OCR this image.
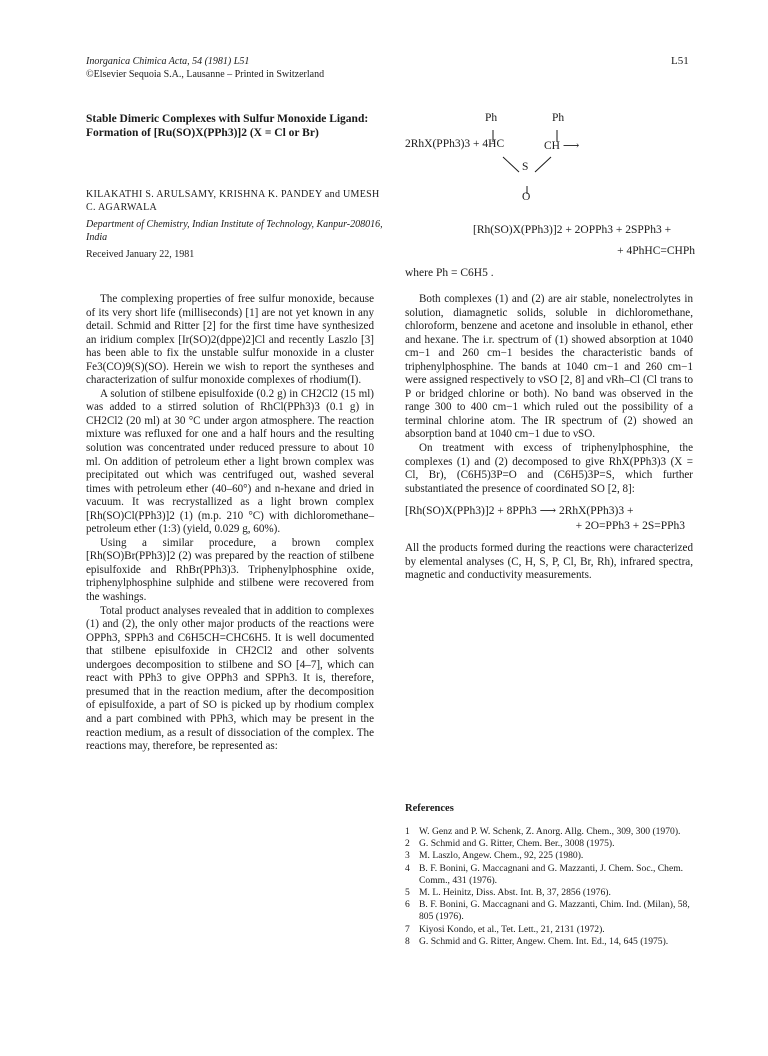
Inorganica Chimica Acta, 54 (1981) L51
©Elsevier Sequoia S.A., Lausanne – Printed in Switzerland
L51
Stable Dimeric Complexes with Sulfur Monoxide Ligand: Formation of [Ru(SO)X(PPh3)]2 (X = Cl or Br)
KILAKATHI S. ARULSAMY, KRISHNA K. PANDEY and UMESH C. AGARWALA
Department of Chemistry, Indian Institute of Technology, Kanpur-208016, India
Received January 22, 1981
Ph	Ph
2RhX(PPh3)3 + 4HC	CH ⟶
S
O
[Rh(SO)X(PPh3)]2 + 2OPPh3 + 2SPPh3 +
+ 4PhHC=CHPh
where Ph = C6H5 .

The complexing properties of free sulfur monoxide, because of its very short life (milliseconds) [1] are not yet known in any detail. Schmid and Ritter [2] for the first time have synthesized an iridium complex [Ir(SO)2(dppe)2]Cl and recently Laszlo [3] has been able to fix the unstable sulfur monoxide in a cluster Fe3(CO)9(S)(SO). Herein we wish to report the syntheses and characterization of sulfur monoxide complexes of rhodium(I).

A solution of stilbene episulfoxide (0.2 g) in CH2Cl2 (15 ml) was added to a stirred solution of RhCl(PPh3)3 (0.1 g) in CH2Cl2 (20 ml) at 30 °C under argon atmosphere. The reaction mixture was refluxed for one and a half hours and the resulting solution was concentrated under reduced pressure to about 10 ml. On addition of petroleum ether a light brown complex was precipitated out which was centrifuged out, washed several times with petroleum ether (40–60°) and n-hexane and dried in vacuum. It was recrystallized as a light brown complex [Rh(SO)Cl(PPh3)]2 (1) (m.p. 210 °C) with dichloromethane–petroleum ether (1:3) (yield, 0.029 g, 60%).

Using a similar procedure, a brown complex [Rh(SO)Br(PPh3)]2 (2) was prepared by the reaction of stilbene episulfoxide and RhBr(PPh3)3. Triphenylphosphine oxide, triphenylphosphine sulphide and stilbene were recovered from the washings.

Total product analyses revealed that in addition to complexes (1) and (2), the only other major products of the reactions were OPPh3, SPPh3 and C6H5CH=CHC6H5. It is well documented that stilbene episulfoxide in CH2Cl2 and other solvents undergoes decomposition to stilbene and SO [4–7], which can react with PPh3 to give OPPh3 and SPPh3. It is, therefore, presumed that in the reaction medium, after the decomposition of episulfoxide, a part of SO is picked up by rhodium complex and a part combined with PPh3, which may be present in the reaction medium, as a result of dissociation of the complex. The reactions may, therefore, be represented as:

Both complexes (1) and (2) are air stable, nonelectrolytes in solution, diamagnetic solids, soluble in dichloromethane, chloroform, benzene and acetone and insoluble in ethanol, ether and hexane. The i.r. spectrum of (1) showed absorption at 1040 cm−1 and 260 cm−1 besides the characteristic bands of triphenylphosphine. The bands at 1040 cm−1 and 260 cm−1 were assigned respectively to νSO [2, 8] and νRh–Cl (Cl trans to P or bridged chlorine or both). No band was observed in the range 300 to 400 cm−1 which ruled out the possibility of a terminal chlorine atom. The IR spectrum of (2) showed an absorption band at 1040 cm−1 due to νSO.

On treatment with excess of triphenylphosphine, the complexes (1) and (2) decomposed to give RhX(PPh3)3 (X = Cl, Br), (C6H5)3P=O and (C6H5)3P=S, which further substantiated the presence of coordinated SO [2, 8]:

[Rh(SO)X(PPh3)]2 + 8PPh3 ⟶ 2RhX(PPh3)3 +
+ 2O=PPh3 + 2S=PPh3

All the products formed during the reactions were characterized by elemental analyses (C, H, S, P, Cl, Br, Rh), infrared spectra, magnetic and conductivity measurements.

References
1 W. Genz and P. W. Schenk, Z. Anorg. Allg. Chem., 309, 300 (1970).
2 G. Schmid and G. Ritter, Chem. Ber., 3008 (1975).
3 M. Laszlo, Angew. Chem., 92, 225 (1980).
4 B. F. Bonini, G. Maccagnani and G. Mazzanti, J. Chem. Soc., Chem. Comm., 431 (1976).
5 M. L. Heinitz, Diss. Abst. Int. B, 37, 2856 (1976).
6 B. F. Bonini, G. Maccagnani and G. Mazzanti, Chim. Ind. (Milan), 58, 805 (1976).
7 Kiyosi Kondo, et al., Tet. Lett., 21, 2131 (1972).
8 G. Schmid and G. Ritter, Angew. Chem. Int. Ed., 14, 645 (1975).
